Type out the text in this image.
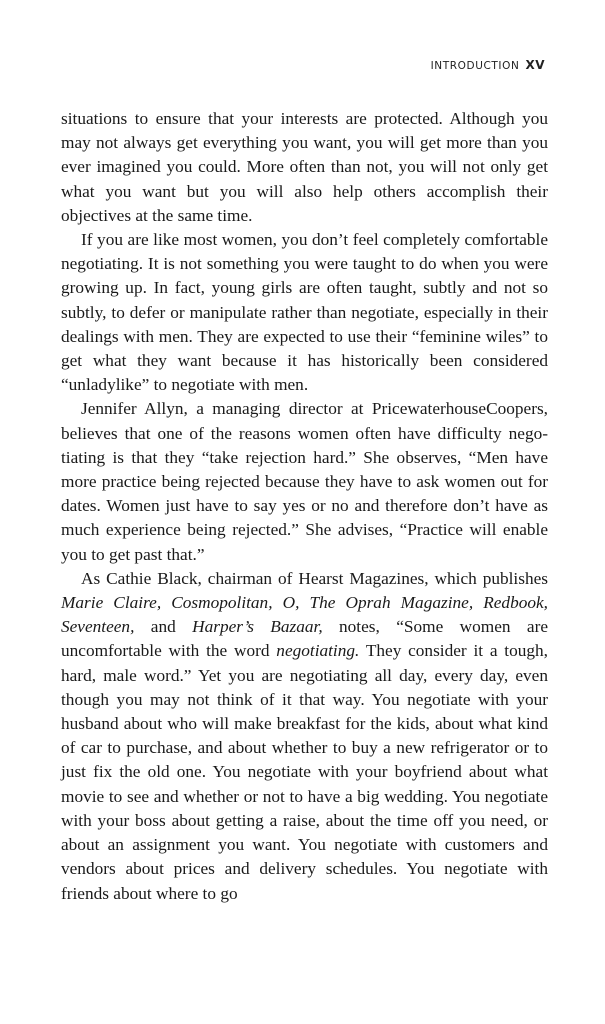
INTRODUCTION XV

situations to ensure that your interests are protected. Although you may not always get everything you want, you will get more than you ever imagined you could. More often than not, you will not only get what you want but you will also help others accomplish their objectives at the same time.

If you are like most women, you don’t feel completely comfortable negotiating. It is not something you were taught to do when you were growing up. In fact, young girls are often taught, subtly and not so subtly, to defer or manipulate rather than negotiate, especially in their dealings with men. They are expected to use their “feminine wiles” to get what they want because it has historically been considered “unladylike” to negotiate with men.

Jennifer Allyn, a managing director at PricewaterhouseCoopers, believes that one of the reasons women often have difficulty negotiating is that they “take rejection hard.” She observes, “Men have more practice being rejected because they have to ask women out for dates. Women just have to say yes or no and therefore don’t have as much experience being rejected.” She advises, “Practice will enable you to get past that.”

As Cathie Black, chairman of Hearst Magazines, which publishes Marie Claire, Cosmopolitan, O, The Oprah Magazine, Redbook, Seventeen, and Harper’s Bazaar, notes, “Some women are uncomfortable with the word negotiating. They consider it a tough, hard, male word.” Yet you are negotiating all day, every day, even though you may not think of it that way. You negotiate with your husband about who will make breakfast for the kids, about what kind of car to purchase, and about whether to buy a new refrigerator or to just fix the old one. You negotiate with your boyfriend about what movie to see and whether or not to have a big wedding. You negotiate with your boss about getting a raise, about the time off you need, or about an assignment you want. You negotiate with customers and vendors about prices and delivery schedules. You negotiate with friends about where to go
